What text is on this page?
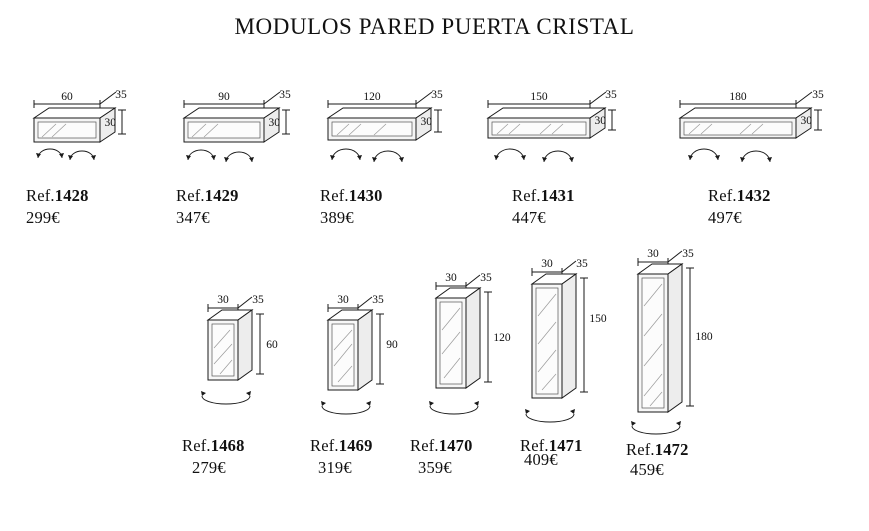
MODULOS PARED PUERTA CRISTAL
60	35
30
Ref.1428
299€
90	35
30
Ref.1429
347€
120	35
30
Ref.1430
389€
150	35
30
Ref.1431
447€
180	35
30
Ref.1432
497€
30 35
60
Ref.1468
279€
30 35
90
Ref.1469
319€
30 35
120
Ref.1470
359€
30 35
150
Ref.1471
409€
30 35
180
Ref.1472
459€
